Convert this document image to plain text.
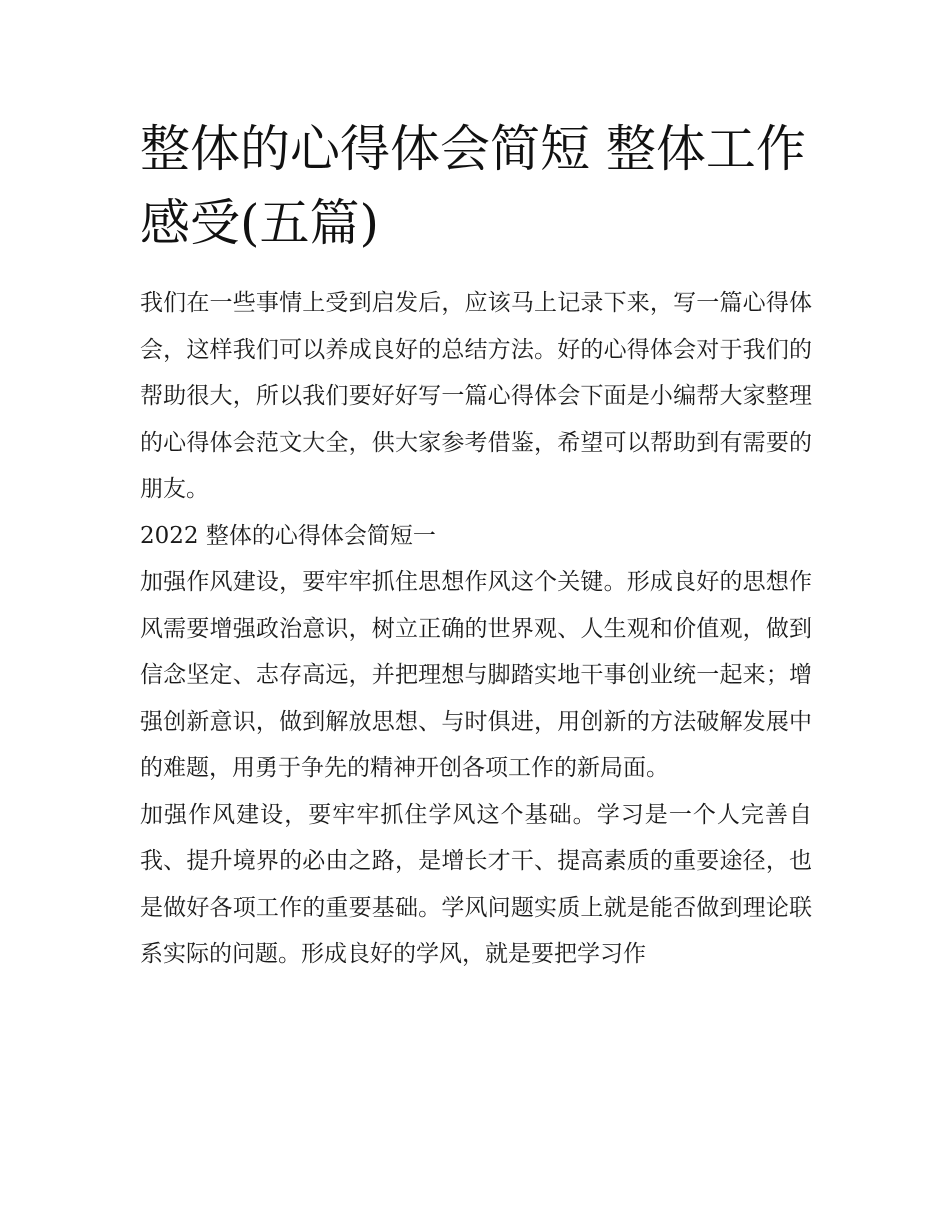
整体的心得体会简短 整体工作感受(五篇)

我们在一些事情上受到启发后，应该马上记录下来，写一篇心得体会，这样我们可以养成良好的总结方法。好的心得体会对于我们的帮助很大，所以我们要好好写一篇心得体会下面是小编帮大家整理的心得体会范文大全，供大家参考借鉴，希望可以帮助到有需要的朋友。

2022 整体的心得体会简短一

加强作风建设，要牢牢抓住思想作风这个关键。形成良好的思想作风需要增强政治意识，树立正确的世界观、人生观和价值观，做到信念坚定、志存高远，并把理想与脚踏实地干事创业统一起来；增强创新意识，做到解放思想、与时俱进，用创新的方法破解发展中的难题，用勇于争先的精神开创各项工作的新局面。

加强作风建设，要牢牢抓住学风这个基础。学习是一个人完善自我、提升境界的必由之路，是增长才干、提高素质的重要途径，也是做好各项工作的重要基础。学风问题实质上就是能否做到理论联系实际的问题。形成良好的学风，就是要把学习作
